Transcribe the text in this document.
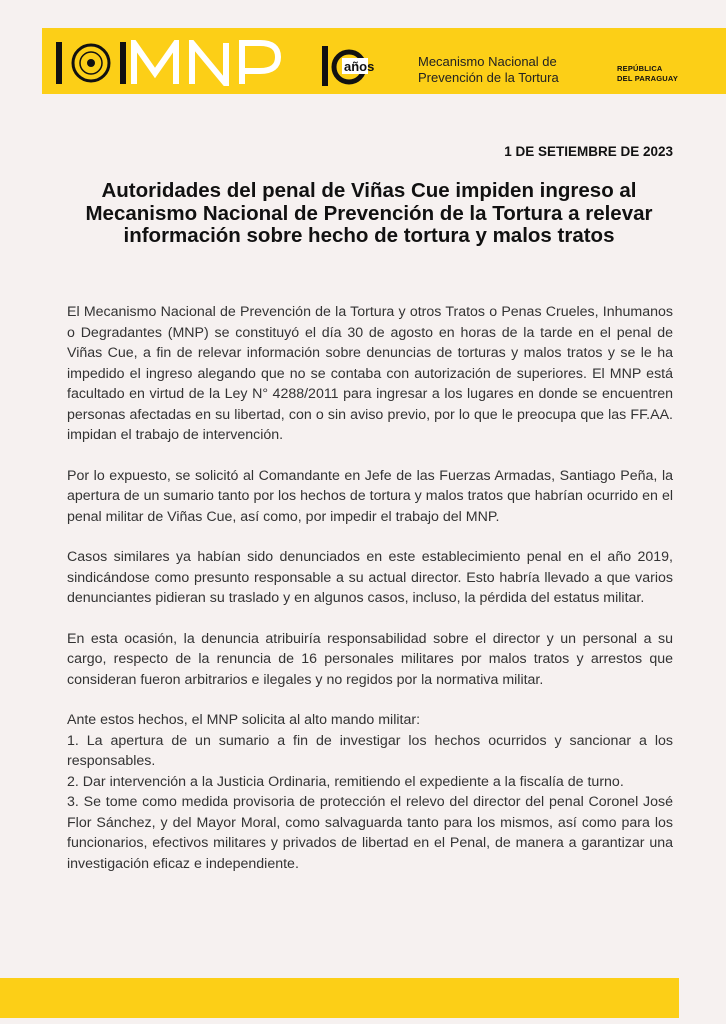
años	Mecanismo Nacional de
Prevención de la Tortura
REPÚBLICA
DEL PARAGUAY
1 DE SETIEMBRE DE 2023
Autoridades del penal de Viñas Cue impiden ingreso al Mecanismo Nacional de Prevención de la Tortura a relevar información sobre hecho de tortura y malos tratos

El Mecanismo Nacional de Prevención de la Tortura y otros Tratos o Penas Crueles, Inhumanos o Degradantes (MNP) se constituyó el día 30 de agosto en horas de la tarde en el penal de Viñas Cue, a fin de relevar información sobre denuncias de torturas y malos tratos y se le ha impedido el ingreso alegando que no se contaba con autorización de superiores. El MNP está facultado en virtud de la Ley N° 4288/2011 para ingresar a los lugares en donde se encuentren personas afectadas en su libertad, con o sin aviso previo, por lo que le preocupa que las FF.AA. impidan el trabajo de intervención.

Por lo expuesto, se solicitó al Comandante en Jefe de las Fuerzas Armadas, Santiago Peña, la apertura de un sumario tanto por los hechos de tortura y malos tratos que habrían ocurrido en el penal militar de Viñas Cue, así como, por impedir el trabajo del MNP.

Casos similares ya habían sido denunciados en este establecimiento penal en el año 2019, sindicándose como presunto responsable a su actual director. Esto habría llevado a que varios denunciantes pidieran su traslado y en algunos casos, incluso, la pérdida del estatus militar.

En esta ocasión, la denuncia atribuiría responsabilidad sobre el director y un personal a su cargo, respecto de la renuncia de 16 personales militares por malos tratos y arrestos que consideran fueron arbitrarios e ilegales y no regidos por la normativa militar.

Ante estos hechos, el MNP solicita al alto mando militar:

1. La apertura de un sumario a fin de investigar los hechos ocurridos y sancionar a los responsables.
2. Dar intervención a la Justicia Ordinaria, remitiendo el expediente a la fiscalía de turno.
3. Se tome como medida provisoria de protección el relevo del director del penal Coronel José Flor Sánchez, y del Mayor Moral, como salvaguarda tanto para los mismos, así como para los funcionarios, efectivos militares y privados de libertad en el Penal, de manera a garantizar una investigación eficaz e independiente.
